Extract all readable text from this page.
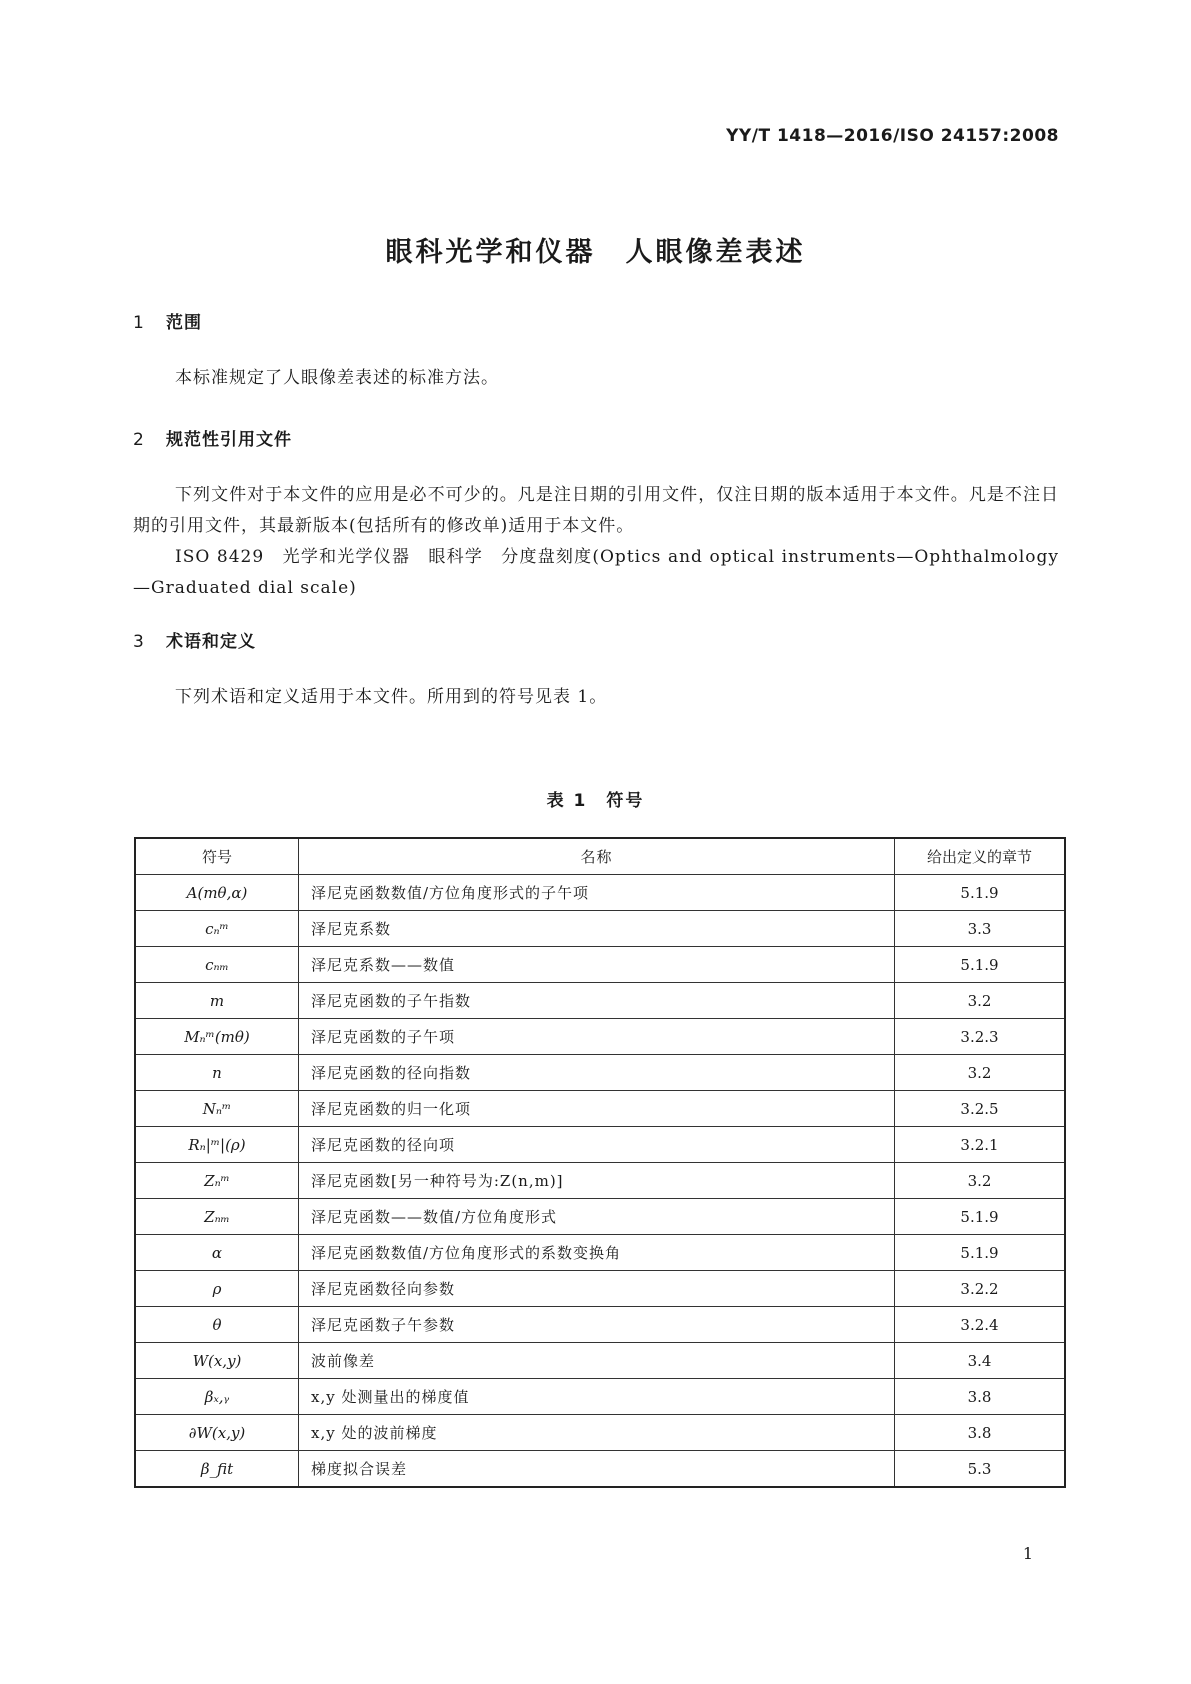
YY/T 1418—2016/ISO 24157:2008
眼科光学和仪器　人眼像差表述
1 范围
本标准规定了人眼像差表述的标准方法。
2 规范性引用文件
下列文件对于本文件的应用是必不可少的。凡是注日期的引用文件，仅注日期的版本适用于本文件。凡是不注日期的引用文件，其最新版本(包括所有的修改单)适用于本文件。
ISO 8429　光学和光学仪器　眼科学　分度盘刻度(Optics and optical instruments—Ophthalmology—Graduated dial scale)
3 术语和定义
下列术语和定义适用于本文件。所用到的符号见表 1。
表 1　符号
符号	名称	给出定义的章节
A(mθ,α)	泽尼克函数数值/方位角度形式的子午项	5.1.9
cₙᵐ	泽尼克系数	3.3
cₙₘ	泽尼克系数——数值	5.1.9
m	泽尼克函数的子午指数	3.2
Mₙᵐ(mθ)	泽尼克函数的子午项	3.2.3
n	泽尼克函数的径向指数	3.2
Nₙᵐ	泽尼克函数的归一化项	3.2.5
Rₙ|ᵐ|(ρ)	泽尼克函数的径向项	3.2.1
Zₙᵐ	泽尼克函数[另一种符号为:Z(n,m)]	3.2
Zₙₘ	泽尼克函数——数值/方位角度形式	5.1.9
α	泽尼克函数数值/方位角度形式的系数变换角	5.1.9
ρ	泽尼克函数径向参数	3.2.2
θ	泽尼克函数子午参数	3.2.4
W(x,y)	波前像差	3.4
βₓ,ᵧ	x,y 处测量出的梯度值	3.8
∂W(x,y)	x,y 处的波前梯度	3.8
β_fit	梯度拟合误差	5.3
1
